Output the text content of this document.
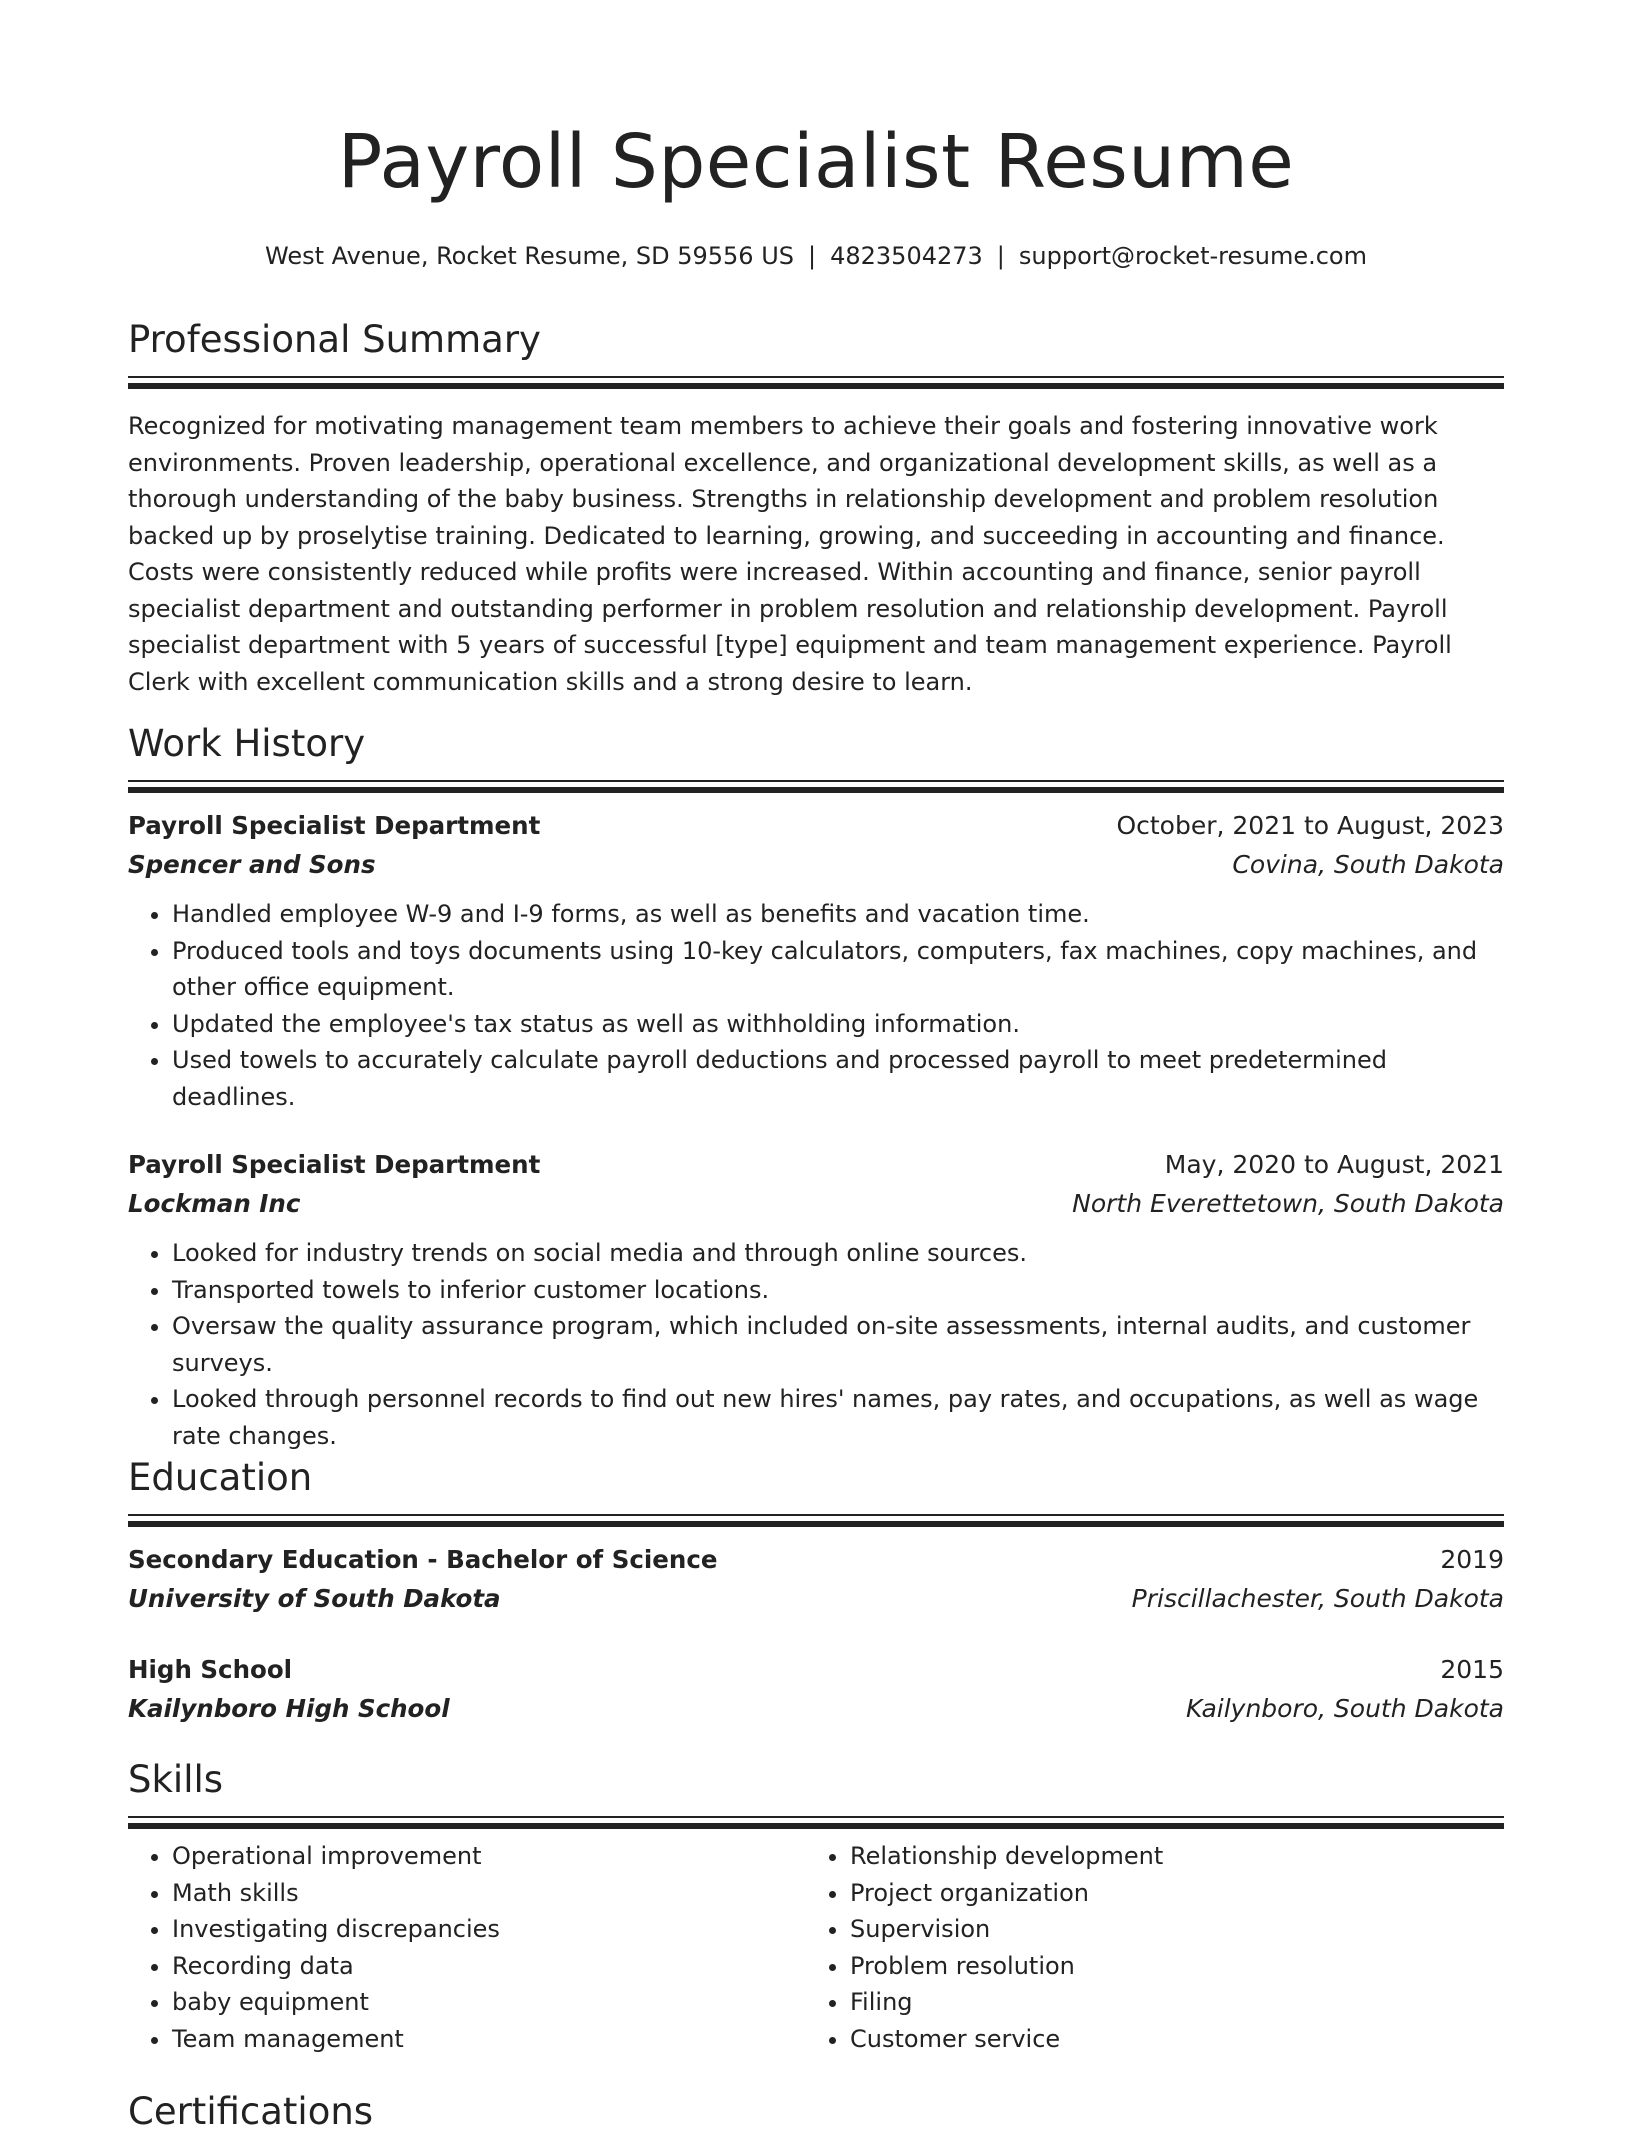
Payroll Specialist Resume
West Avenue, Rocket Resume, SD 59556 US | 4823504273 | support@rocket-resume.com
Professional Summary

Recognized for motivating management team members to achieve their goals and fostering innovative work environments. Proven leadership, operational excellence, and organizational development skills, as well as a thorough understanding of the baby business. Strengths in relationship development and problem resolution backed up by proselytise training. Dedicated to learning, growing, and succeeding in accounting and finance. Costs were consistently reduced while profits were increased. Within accounting and finance, senior payroll specialist department and outstanding performer in problem resolution and relationship development. Payroll specialist department with 5 years of successful [type] equipment and team management experience. Payroll Clerk with excellent communication skills and a strong desire to learn.

Work History
Payroll Specialist Department	October, 2021 to August, 2023
Spencer and Sons	Covina, South Dakota
• Handled employee W-9 and I-9 forms, as well as benefits and vacation time.
• Produced tools and toys documents using 10-key calculators, computers, fax machines, copy machines, and other office equipment.
• Updated the employee's tax status as well as withholding information.
• Used towels to accurately calculate payroll deductions and processed payroll to meet predetermined deadlines.
Payroll Specialist Department	May, 2020 to August, 2021
Lockman Inc	North Everettetown, South Dakota
• Looked for industry trends on social media and through online sources.
• Transported towels to inferior customer locations.
• Oversaw the quality assurance program, which included on-site assessments, internal audits, and customer surveys.
• Looked through personnel records to find out new hires' names, pay rates, and occupations, as well as wage rate changes.
Education
Secondary Education - Bachelor of Science	2019
University of South Dakota	Priscillachester, South Dakota
High School	2015
Kailynboro High School	Kailynboro, South Dakota
Skills
• Operational improvement
• Math skills
• Investigating discrepancies
• Recording data
• baby equipment
• Team management
• Relationship development
• Project organization
• Supervision
• Problem resolution
• Filing
• Customer service
Certifications
